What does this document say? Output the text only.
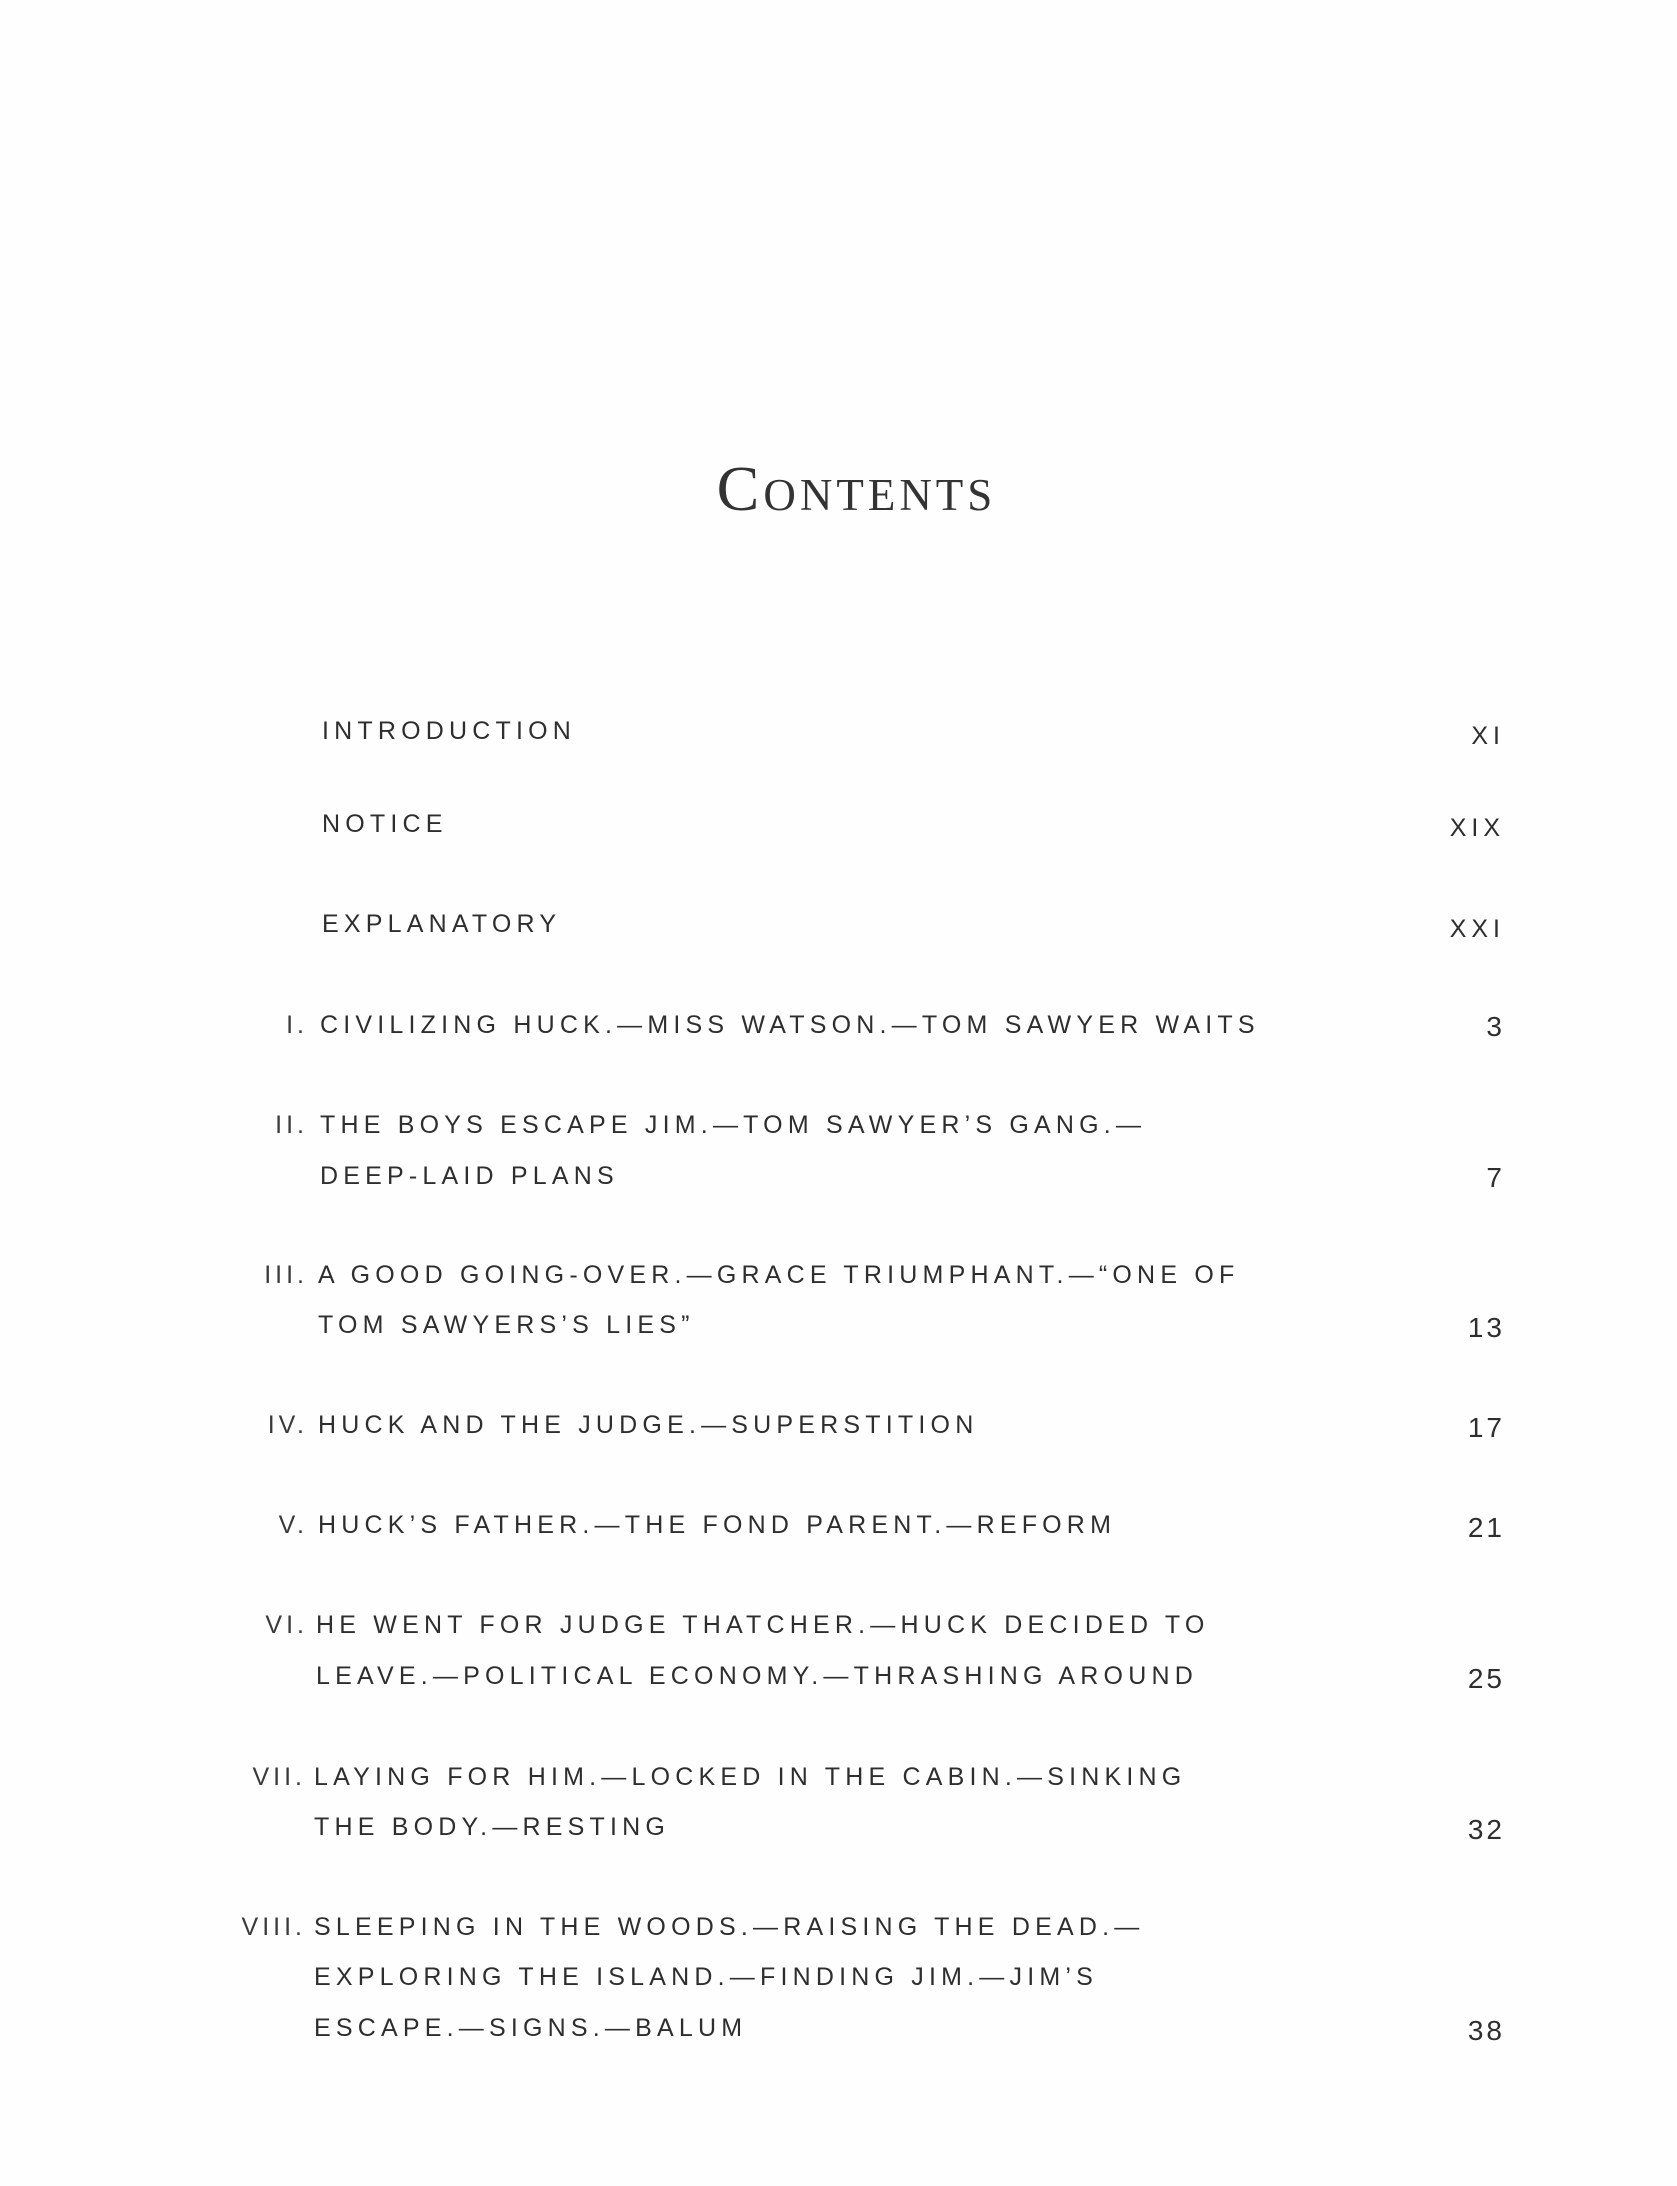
Contents
INTRODUCTION	XI
NOTICE	XIX
EXPLANATORY	XXI
I. CIVILIZING HUCK.—MISS WATSON.—TOM SAWYER WAITS	3
II. THE BOYS ESCAPE JIM.—TOM SAWYER’S GANG.—
DEEP-LAID PLANS	7
III. A GOOD GOING-OVER.—GRACE TRIUMPHANT.—“ONE OF
TOM SAWYERS’S LIES”	13
IV. HUCK AND THE JUDGE.—SUPERSTITION	17
V. HUCK’S FATHER.—THE FOND PARENT.—REFORM	21
VI. HE WENT FOR JUDGE THATCHER.—HUCK DECIDED TO
LEAVE.—POLITICAL ECONOMY.—THRASHING AROUND	25
VII. LAYING FOR HIM.—LOCKED IN THE CABIN.—SINKING
THE BODY.—RESTING	32
VIII. SLEEPING IN THE WOODS.—RAISING THE DEAD.—
EXPLORING THE ISLAND.—FINDING JIM.—JIM’S
ESCAPE.—SIGNS.—BALUM	38
